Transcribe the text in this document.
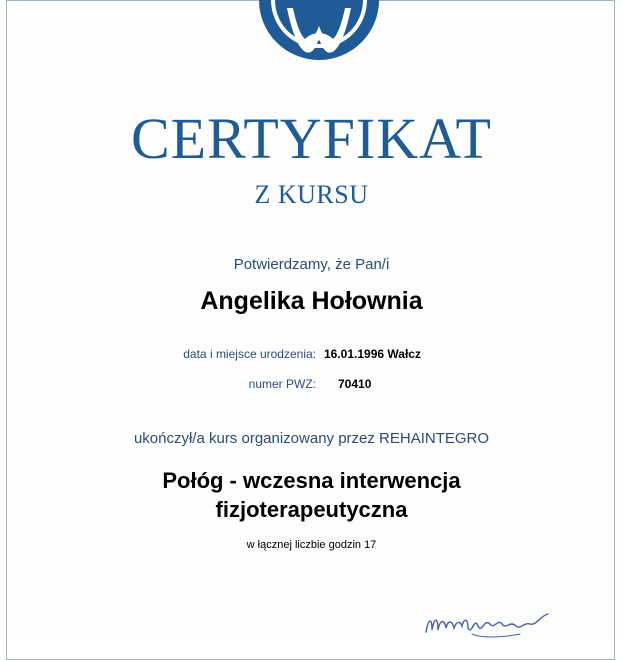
CERTYFIKAT
Z KURSU
Potwierdzamy, że Pan/i
Angelika Hołownia
data i miejsce urodzenia: 16.01.1996 Wałcz
numer PWZ: 70410
ukończył/a kurs organizowany przez REHAINTEGRO
Połóg - wczesna interwencja
fizjoterapeutyczna
w łącznej liczbie godzin 17
